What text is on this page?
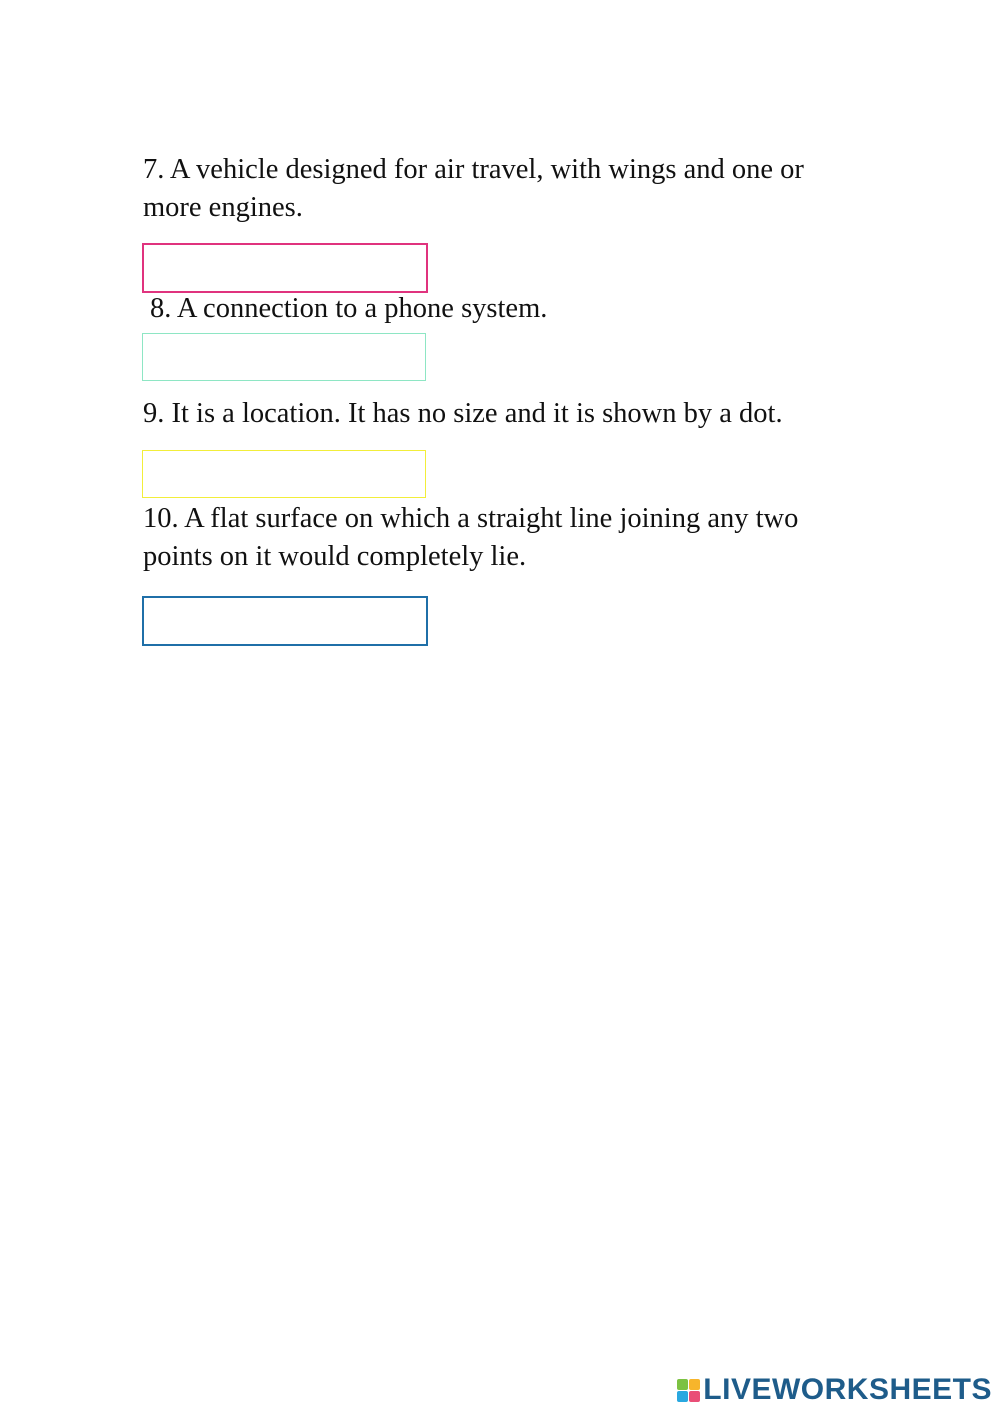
7. A vehicle designed for air travel, with wings and one or more engines.

8. A connection to a phone system.

9. It is a location. It has no size and it is shown by a dot.

10. A flat surface on which a straight line joining any two points on it would completely lie.

LIVEWORKSHEETS
